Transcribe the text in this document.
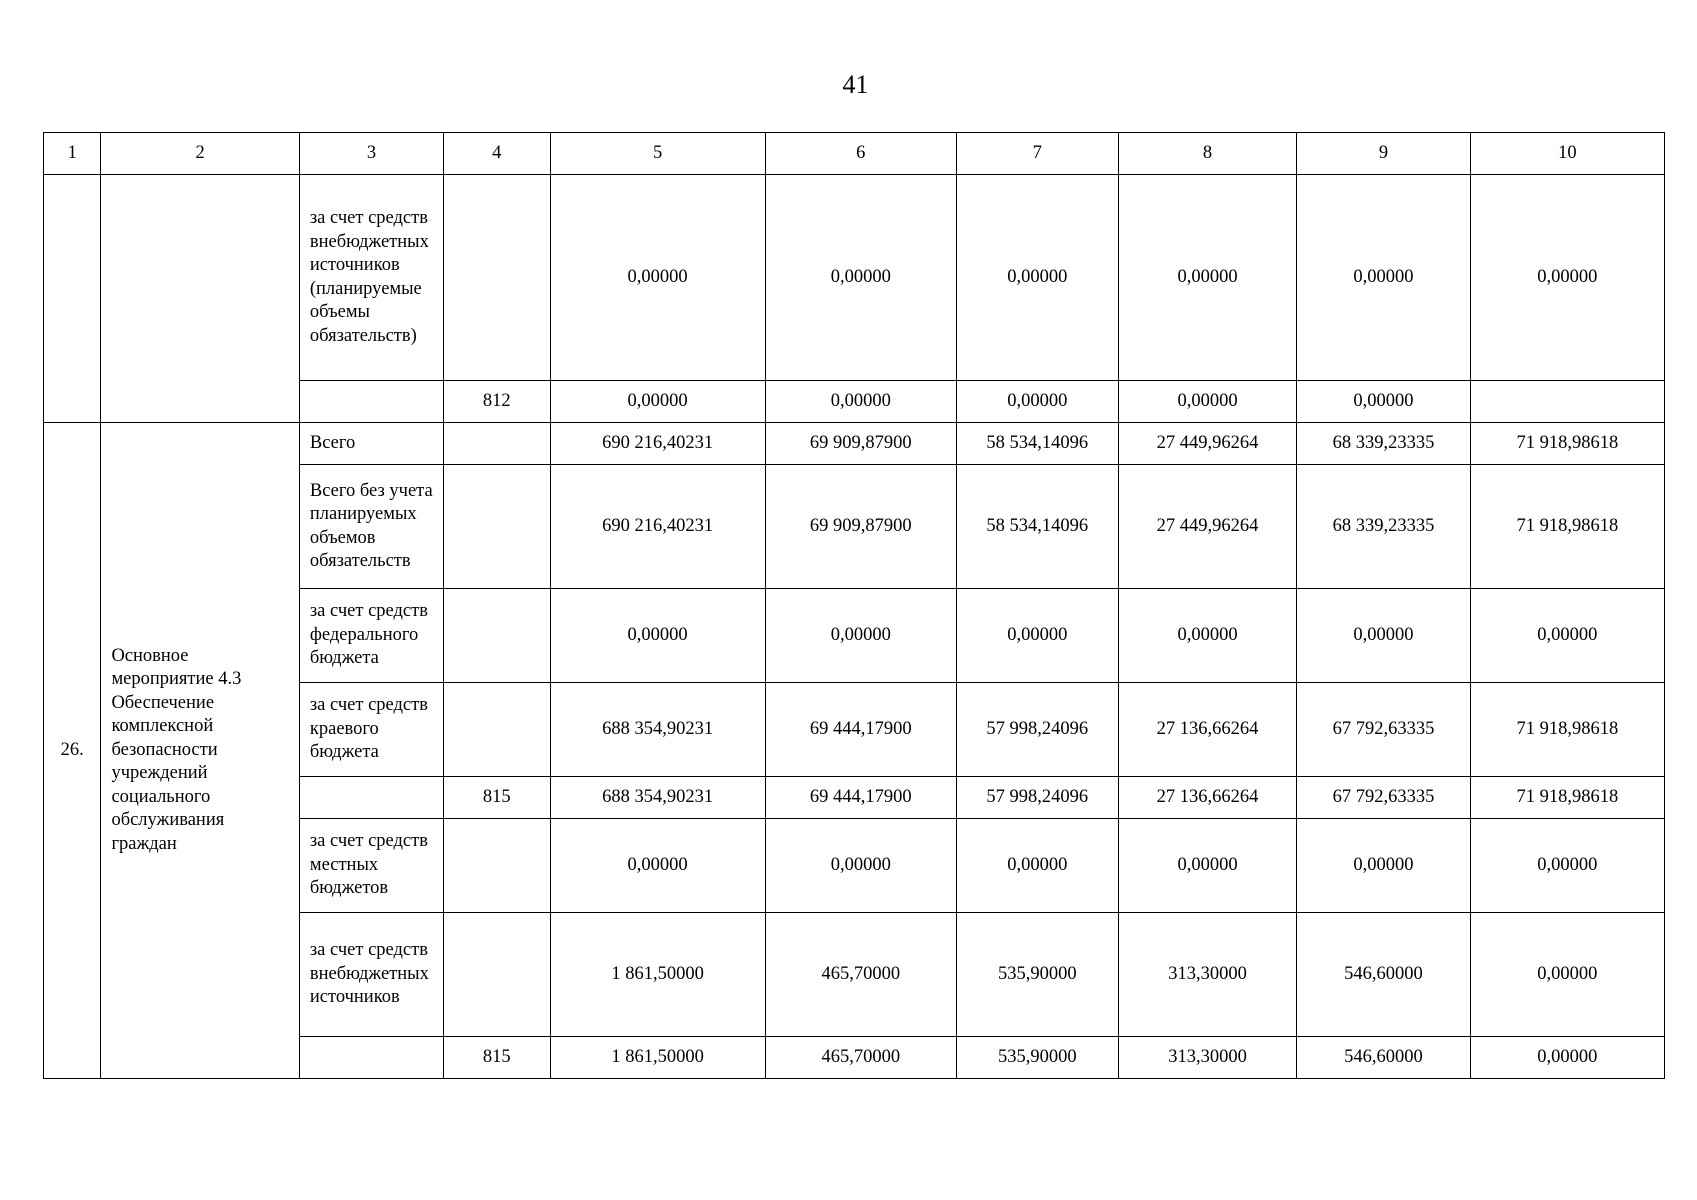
41
1	2	3	4	5	6	7	8	9	10
		за счет средств внебюджетных источников (планируемые объемы обязательств)		0,00000	0,00000	0,00000	0,00000	0,00000	0,00000
			812	0,00000	0,00000	0,00000	0,00000	0,00000	
26.	Основное мероприятие 4.3 Обеспечение комплексной безопасности учреждений социального обслуживания граждан	Всего		690 216,40231	69 909,87900	58 534,14096	27 449,96264	68 339,23335	71 918,98618
		Всего без учета планируемых объемов обязательств		690 216,40231	69 909,87900	58 534,14096	27 449,96264	68 339,23335	71 918,98618
		за счет средств федерального бюджета		0,00000	0,00000	0,00000	0,00000	0,00000	0,00000
		за счет средств краевого бюджета		688 354,90231	69 444,17900	57 998,24096	27 136,66264	67 792,63335	71 918,98618
			815	688 354,90231	69 444,17900	57 998,24096	27 136,66264	67 792,63335	71 918,98618
		за счет средств местных бюджетов		0,00000	0,00000	0,00000	0,00000	0,00000	0,00000
		за счет средств внебюджетных источников		1 861,50000	465,70000	535,90000	313,30000	546,60000	0,00000
			815	1 861,50000	465,70000	535,90000	313,30000	546,60000	0,00000
